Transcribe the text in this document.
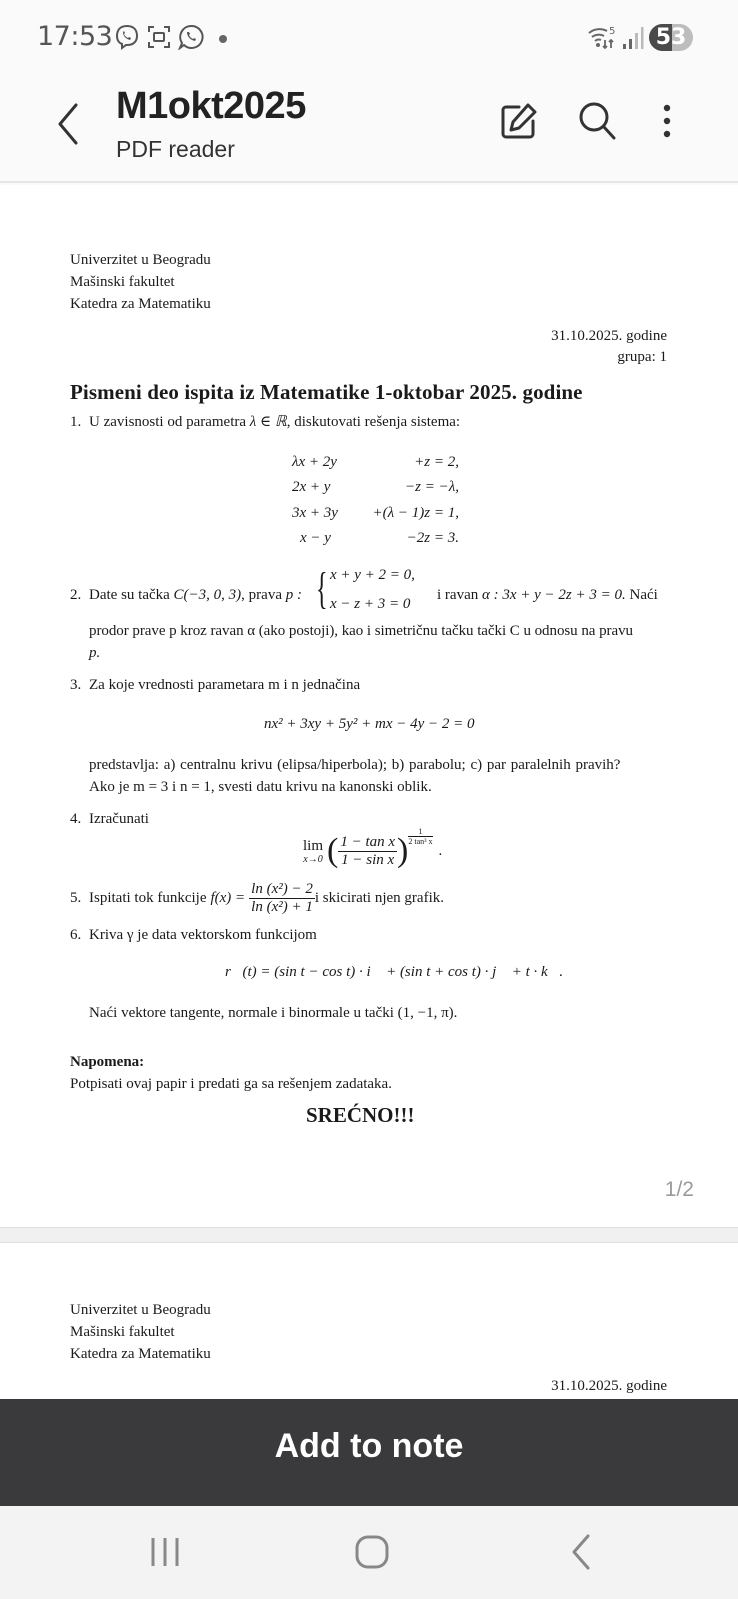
17:53	5	53
M1okt2025
PDF reader
Univerzitet u Beogradu
Mašinski fakultet
Katedra za Matematiku
31.10.2025. godine
grupa: 1
Pismeni deo ispita iz Matematike 1-oktobar 2025. godine
1. U zavisnosti od parametra λ ∈ ℝ, diskutovati rešenja sistema:
λx + 2y	+z = 2,
2x + y	−z = −λ,
3x + 3y	+(λ − 1)z = 1,
x − y	−2z = 3.
2. Date su tačka C(−3, 0, 3), prava p : { x + y + 2 = 0,
x − z + 3 = 0
i ravan α : 3x + y − 2z + 3 = 0. Naći
prodor prave p kroz ravan α (ako postoji), kao i simetričnu tačku tački C u odnosu na pravu
p.
3. Za koje vrednosti parametara m i n jednačina
nx² + 3xy + 5y² + mx − 4y − 2 = 0
predstavlja: a) centralnu krivu (elipsa/hiperbola); b) parabolu; c) par paralelnih pravih?
Ako je m = 3 i n = 1, svesti datu krivu na kanonski oblik.
4. Izračunati
lim
x→0 ( $\frac{\text{1 − tan x}}{\text{1 − sin x}}$ ) $\frac{1}{\text{2 tan³ x}}$
.
5. Ispitati tok funkcije $f(x) = \frac{\text{ln (x²) − 2}}{\text{ln (x²) + 1}}$ i skicirati njen grafik.
6. Kriva γ je data vektorskom funkcijom
r⃗(t) = (sin t − cos t) · i⃗ + (sin t + cos t) · j⃗ + t · k⃗.
Naći vektore tangente, normale i binormale u tački (1, −1, π).
Napomena:
Potpisati ovaj papir i predati ga sa rešenjem zadataka.
SREĆNO!!!
1/2
Univerzitet u Beogradu
Mašinski fakultet
Katedra za Matematiku
31.10.2025. godine
Add to note
